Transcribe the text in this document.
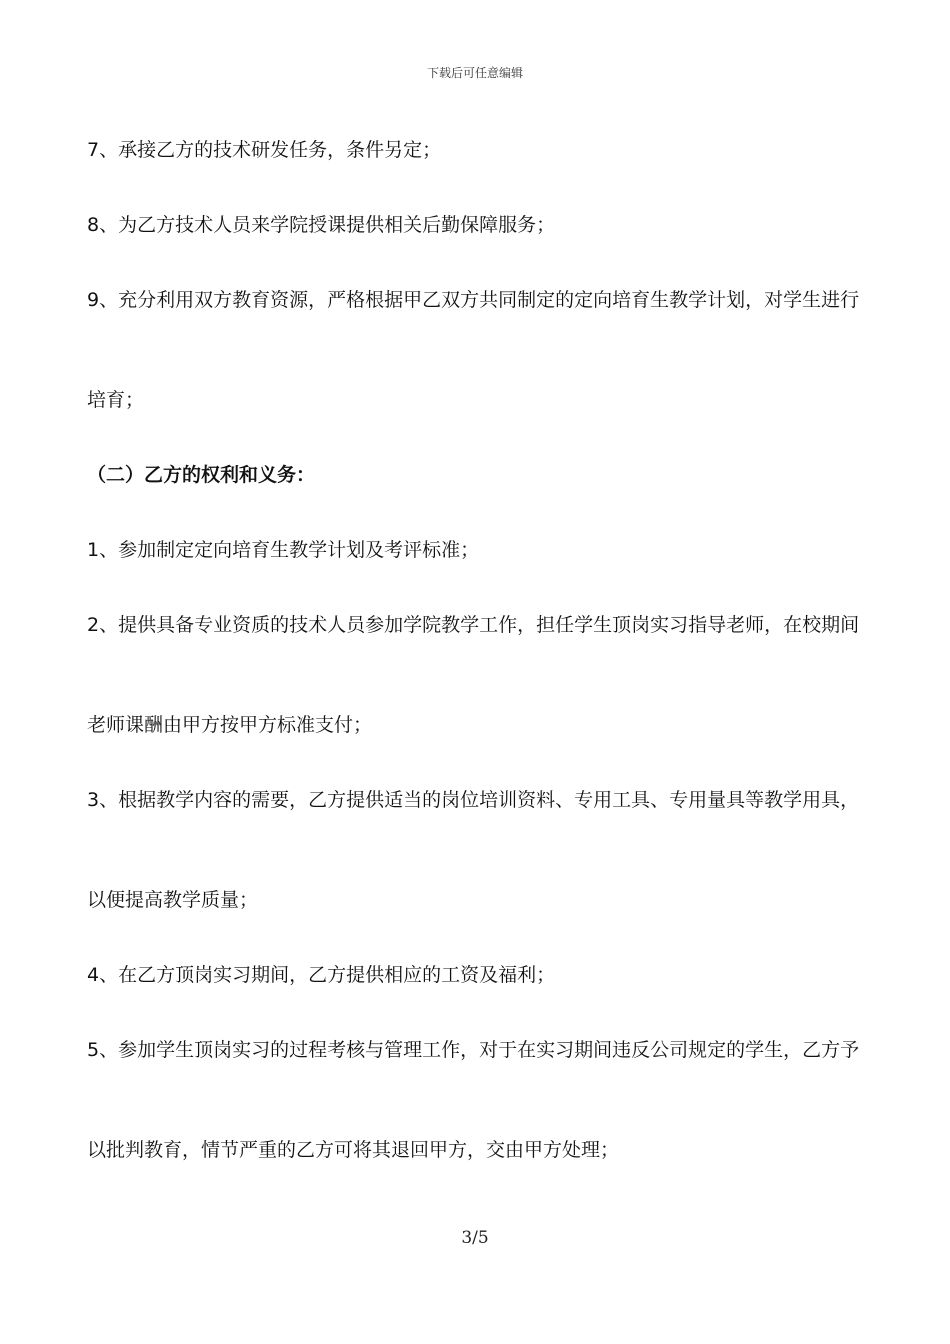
下载后可任意编辑
7、承接乙方的技术研发任务，条件另定；
8、为乙方技术人员来学院授课提供相关后勤保障服务；
9、充分利用双方教育资源，严格根据甲乙双方共同制定的定向培育生教学计划，对学生进行
培育；
（二）乙方的权利和义务：
1、参加制定定向培育生教学计划及考评标准；
2、提供具备专业资质的技术人员参加学院教学工作，担任学生顶岗实习指导老师，在校期间
老师课酬由甲方按甲方标准支付；
3、根据教学内容的需要，乙方提供适当的岗位培训资料、专用工具、专用量具等教学用具，
以便提高教学质量；
4、在乙方顶岗实习期间，乙方提供相应的工资及福利；
5、参加学生顶岗实习的过程考核与管理工作，对于在实习期间违反公司规定的学生，乙方予
以批判教育，情节严重的乙方可将其退回甲方，交由甲方处理；
3/5
